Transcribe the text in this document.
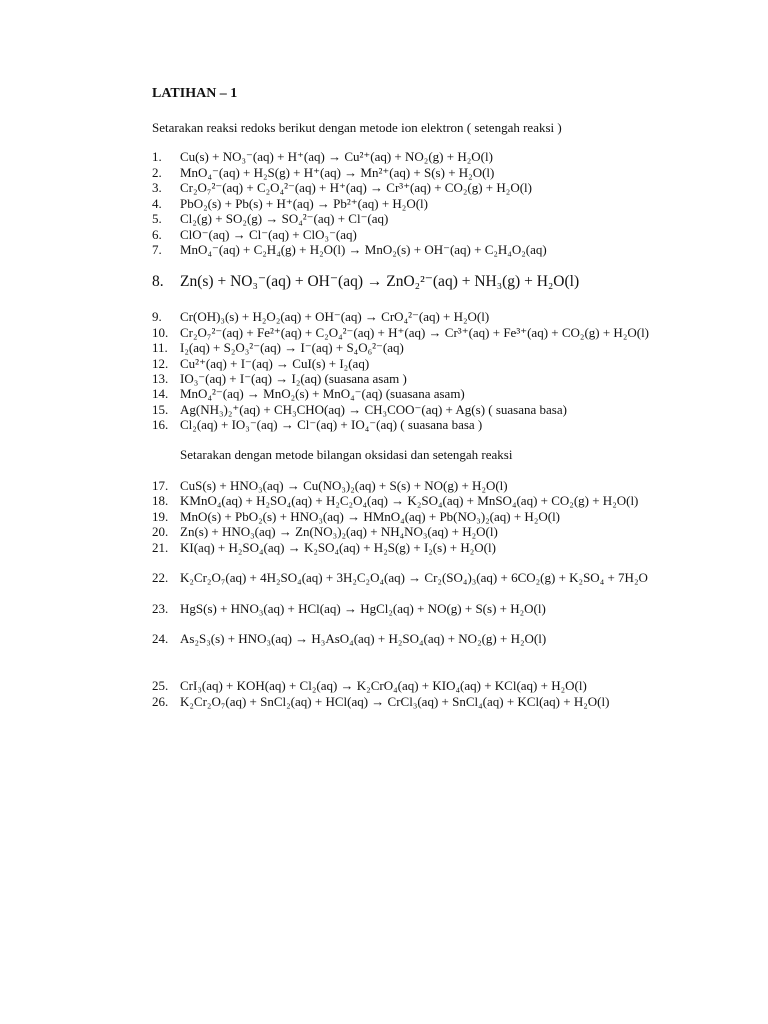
LATIHAN – 1
Setarakan reaksi redoks berikut dengan metode ion elektron ( setengah reaksi )
1. Cu(s) + NO₃⁻(aq) + H⁺(aq) → Cu²⁺(aq) + NO₂(g) + H₂O(l)
2. MnO₄⁻(aq) + H₂S(g) + H⁺(aq) → Mn²⁺(aq) + S(s) + H₂O(l)
3. Cr₂O₇²⁻(aq) + C₂O₄²⁻(aq) + H⁺(aq) → Cr³⁺(aq) + CO₂(g) + H₂O(l)
4. PbO₂(s) + Pb(s) + H⁺(aq) → Pb²⁺(aq) + H₂O(l)
5. Cl₂(g) + SO₂(g) → SO₄²⁻(aq) + Cl⁻(aq)
6. ClO⁻(aq) → Cl⁻(aq) + ClO₃⁻(aq)
7. MnO₄⁻(aq) + C₂H₄(g) + H₂O(l) → MnO₂(s) + OH⁻(aq) + C₂H₄O₂(aq)
8. Zn(s) + NO₃⁻(aq) + OH⁻(aq) → ZnO₂²⁻(aq) + NH₃(g) + H₂O(l)
9. Cr(OH)₃(s) + H₂O₂(aq) + OH⁻(aq) → CrO₄²⁻(aq) + H₂O(l)
10. Cr₂O₇²⁻(aq) + Fe²⁺(aq) + C₂O₄²⁻(aq) + H⁺(aq) → Cr³⁺(aq) + Fe³⁺(aq) + CO₂(g) + H₂O(l)
11. I₂(aq) + S₂O₃²⁻(aq) → I⁻(aq) + S₄O₆²⁻(aq)
12. Cu²⁺(aq) + I⁻(aq) → CuI(s) + I₂(aq)
13. IO₃⁻(aq) + I⁻(aq) → I₂(aq) (suasana asam )
14. MnO₄²⁻(aq) → MnO₂(s) + MnO₄⁻(aq) (suasana asam)
15. Ag(NH₃)₂⁺(aq) + CH₃CHO(aq) → CH₃COO⁻(aq) + Ag(s) ( suasana basa)
16. Cl₂(aq) + IO₃⁻(aq) → Cl⁻(aq) + IO₄⁻(aq) ( suasana basa )
Setarakan dengan metode bilangan oksidasi dan setengah reaksi
17. CuS(s) + HNO₃(aq) → Cu(NO₃)₂(aq) + S(s) + NO(g) + H₂O(l)
18. KMnO₄(aq) + H₂SO₄(aq) + H₂C₂O₄(aq) → K₂SO₄(aq) + MnSO₄(aq) + CO₂(g) + H₂O(l)
19. MnO(s) + PbO₂(s) + HNO₃(aq) → HMnO₄(aq) + Pb(NO₃)₂(aq) + H₂O(l)
20. Zn(s) + HNO₃(aq) → Zn(NO₃)₂(aq) + NH₄NO₃(aq) + H₂O(l)
21. KI(aq) + H₂SO₄(aq) → K₂SO₄(aq) + H₂S(g) + I₂(s) + H₂O(l)
22. K₂Cr₂O₇(aq) + 4H₂SO₄(aq) + 3H₂C₂O₄(aq) → Cr₂(SO₄)₃(aq) + 6CO₂(g) + K₂SO₄ + 7H₂O
23. HgS(s) + HNO₃(aq) + HCl(aq) → HgCl₂(aq) + NO(g) + S(s) + H₂O(l)
24. As₂S₃(s) + HNO₃(aq) → H₃AsO₄(aq) + H₂SO₄(aq) + NO₂(g) + H₂O(l)
25. CrI₃(aq) + KOH(aq) + Cl₂(aq) → K₂CrO₄(aq) + KIO₄(aq) + KCl(aq) + H₂O(l)
26. K₂Cr₂O₇(aq) + SnCl₂(aq) + HCl(aq) → CrCl₃(aq) + SnCl₄(aq) + KCl(aq) + H₂O(l)
